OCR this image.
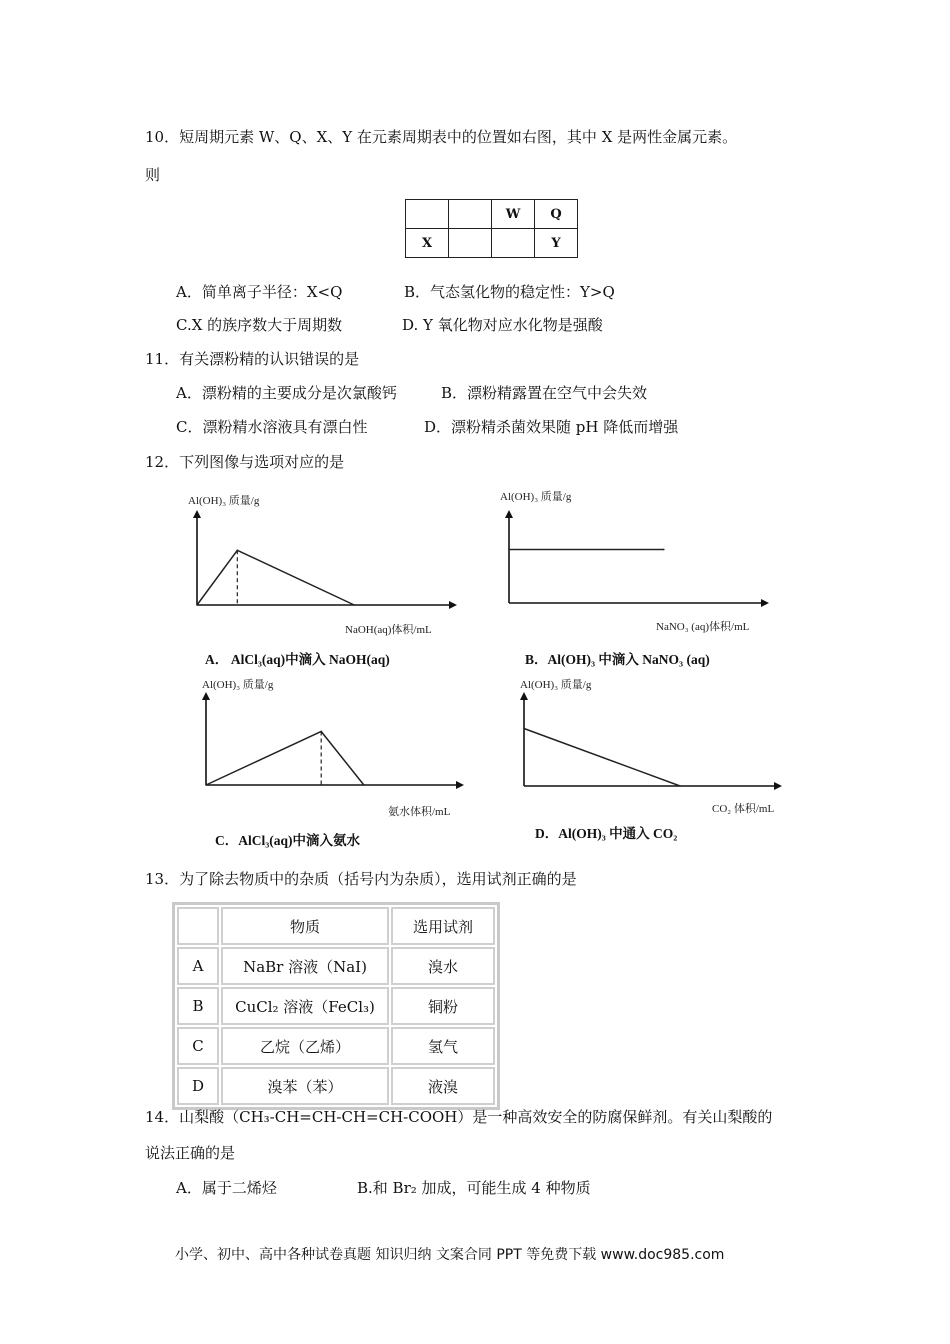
10．短周期元素 W、Q、X、Y 在元素周期表中的位置如右图，其中 X 是两性金属元素。
则
		W	Q
X			Y
A．简单离子半径：X<Q	B．气态氢化物的稳定性：Y>Q
C.X 的族序数大于周期数	D. Y 氧化物对应水化物是强酸
11．有关漂粉精的认识错误的是
A．漂粉精的主要成分是次氯酸钙	B．漂粉精露置在空气中会失效
C．漂粉精水溶液具有漂白性	D．漂粉精杀菌效果随 pH 降低而增强
12．下列图像与选项对应的是
Al(OH)₃ 质量/g
NaOH(aq)体积/mL
A． AlCl₃(aq)中滴入 NaOH(aq)
Al(OH)₃ 质量/g
NaNO₃ (aq)体积/mL
B．Al(OH)₃ 中滴入 NaNO₃ (aq)
Al(OH)₃ 质量/g
氨水体积/mL
C．AlCl₃(aq)中滴入氨水
Al(OH)₃ 质量/g
CO₂ 体积/mL
D．Al(OH)₃ 中通入 CO₂
13．为了除去物质中的杂质（括号内为杂质），选用试剂正确的是
	物质	选用试剂
A	NaBr 溶液（NaI)	溴水
B	CuCl₂ 溶液（FeCl₃)	铜粉
C	乙烷（乙烯）	氢气
D	溴苯（苯）	液溴
14．山梨酸（CH₃-CH=CH-CH=CH-COOH）是一种高效安全的防腐保鲜剂。有关山梨酸的
说法正确的是
A．属于二烯烃	B.和 Br₂ 加成，可能生成 4 种物质
小学、初中、高中各种试卷真题 知识归纳 文案合同 PPT 等免费下载 www.doc985.com
